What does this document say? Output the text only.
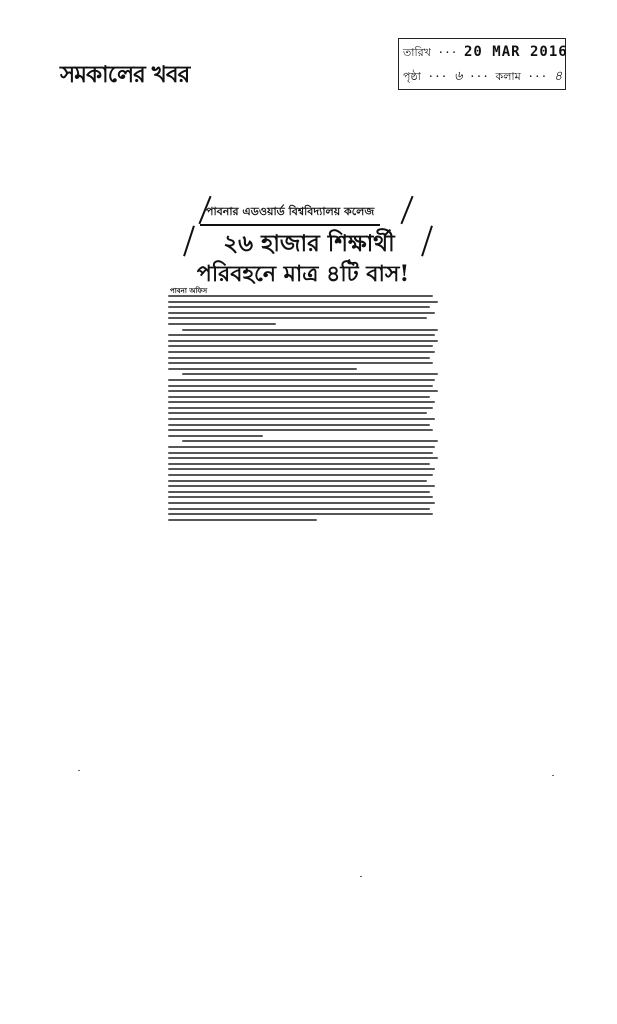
সমকালের খবর
তারিখ ··· 20 MAR 2016
পৃষ্ঠা ··· ৬ ··· কলাম ··· ৪
পাবনার এডওয়ার্ড বিশ্ববিদ্যালয় কলেজ
২৬ হাজার শিক্ষার্থী
পরিবহনে মাত্র ৪টি বাস!
পাবনা অফিস
